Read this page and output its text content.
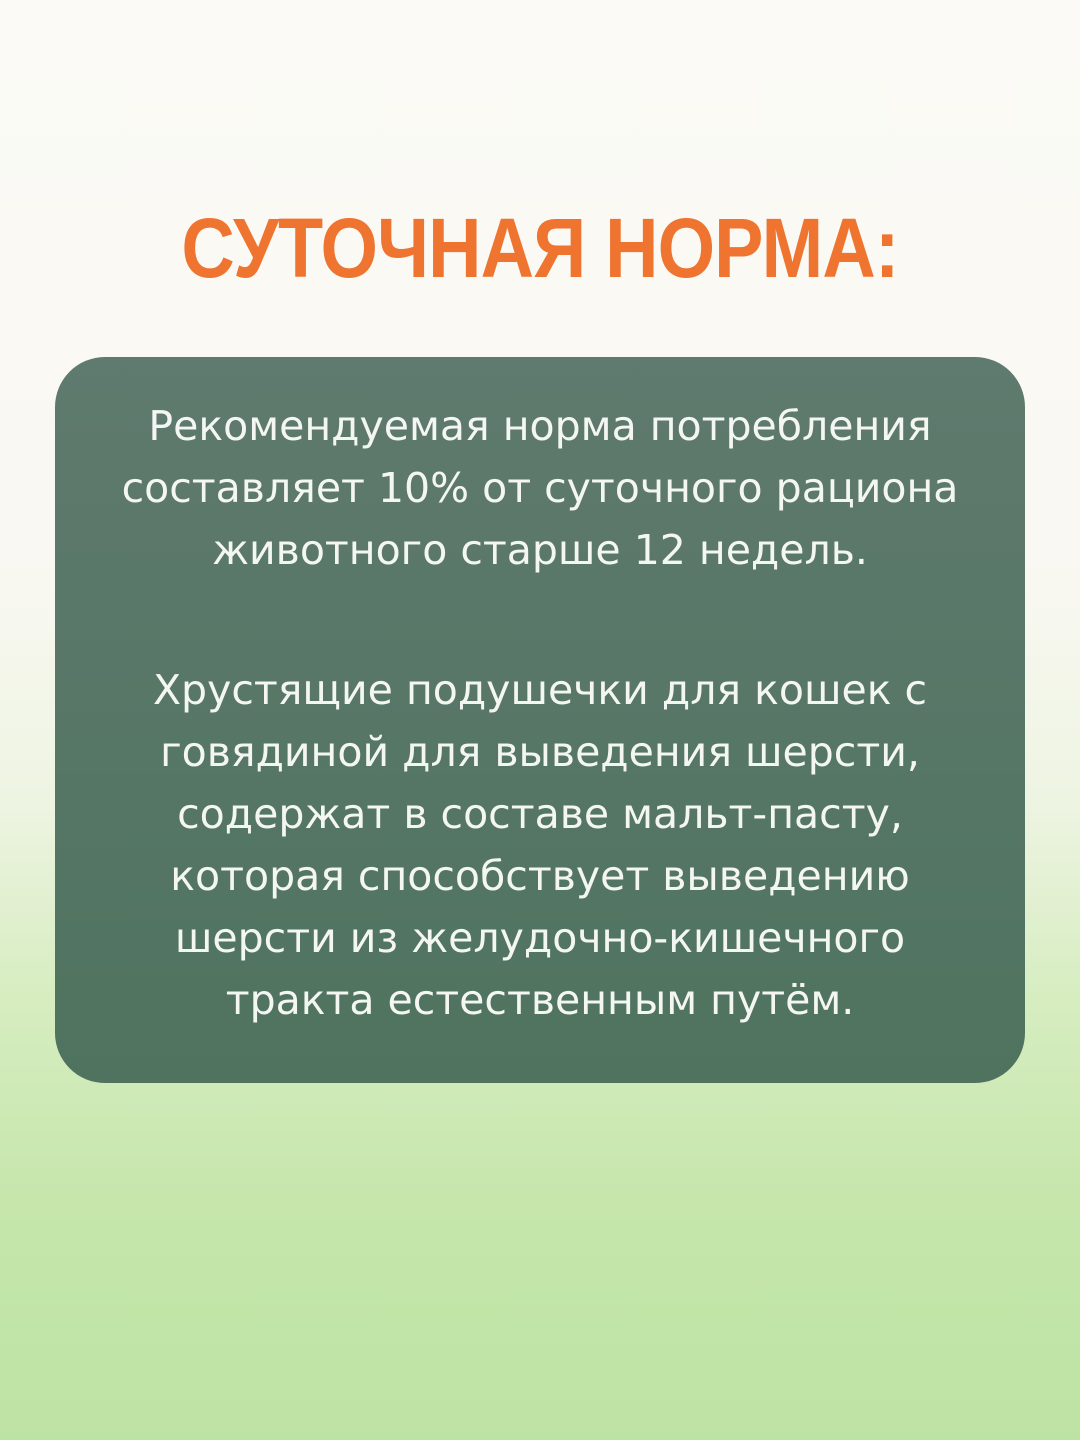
СУТОЧНАЯ НОРМА:
Рекомендуемая норма потребления
составляет 10% от суточного рациона
животного старше 12 недель.
Хрустящие подушечки для кошек с
говядиной для выведения шерсти,
содержат в составе мальт-пасту,
которая способствует выведению
шерсти из желудочно-кишечного
тракта естественным путём.
